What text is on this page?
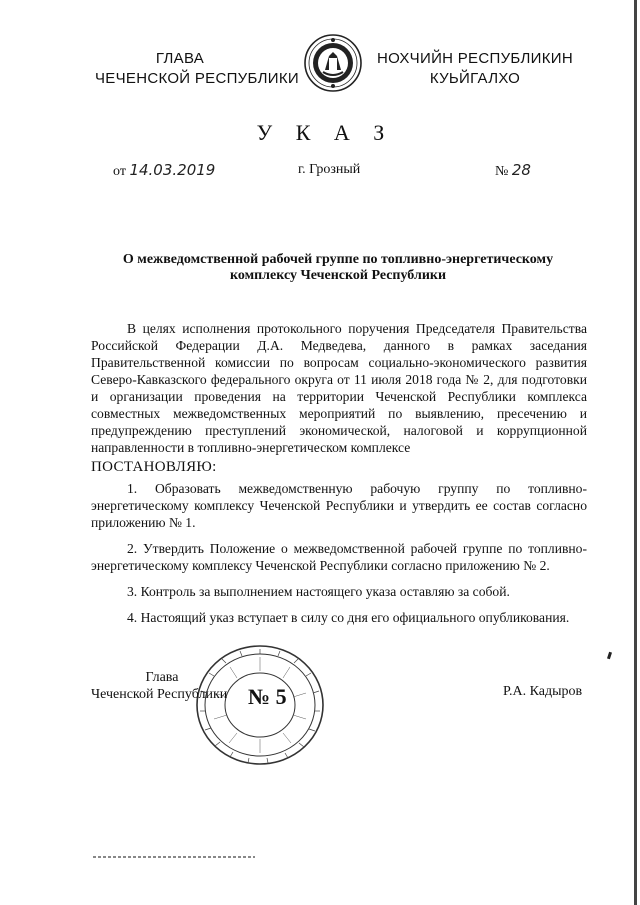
ГЛАВА
ЧЕЧЕНСКОЙ РЕСПУБЛИКИ
НОХЧИЙН РЕСПУБЛИКИН
КУЬЙГАЛХО
У К А З
от 14.03.2019	г. Грозный	№ 28
О межведомственной рабочей группе по топливно-энергетическому
комплексу Чеченской Республики

В целях исполнения протокольного поручения Председателя Правительства Российской Федерации Д.А. Медведева, данного в рамках заседания Правительственной комиссии по вопросам социально-экономического развития Северо-Кавказского федерального округа от 11 июля 2018 года № 2, для подготовки и организации проведения на территории Чеченской Республики комплекса совместных межведомственных мероприятий по выявлению, пресечению и предупреждению преступлений экономической, налоговой и коррупционной направленности в топливно-энергетическом комплексе

ПОСТАНОВЛЯЮ:

1. Образовать межведомственную рабочую группу по топливно-энергетическому комплексу Чеченской Республики и утвердить ее состав согласно приложению № 1.

2. Утвердить Положение о межведомственной рабочей группе по топливно-энергетическому комплексу Чеченской Республики согласно приложению № 2.

3. Контроль за выполнением настоящего указа оставляю за собой.

4. Настоящий указ вступает в силу со дня его официального опубликования.

№ 5
Глава
Чеченской Республики	Р.А. Кадыров
